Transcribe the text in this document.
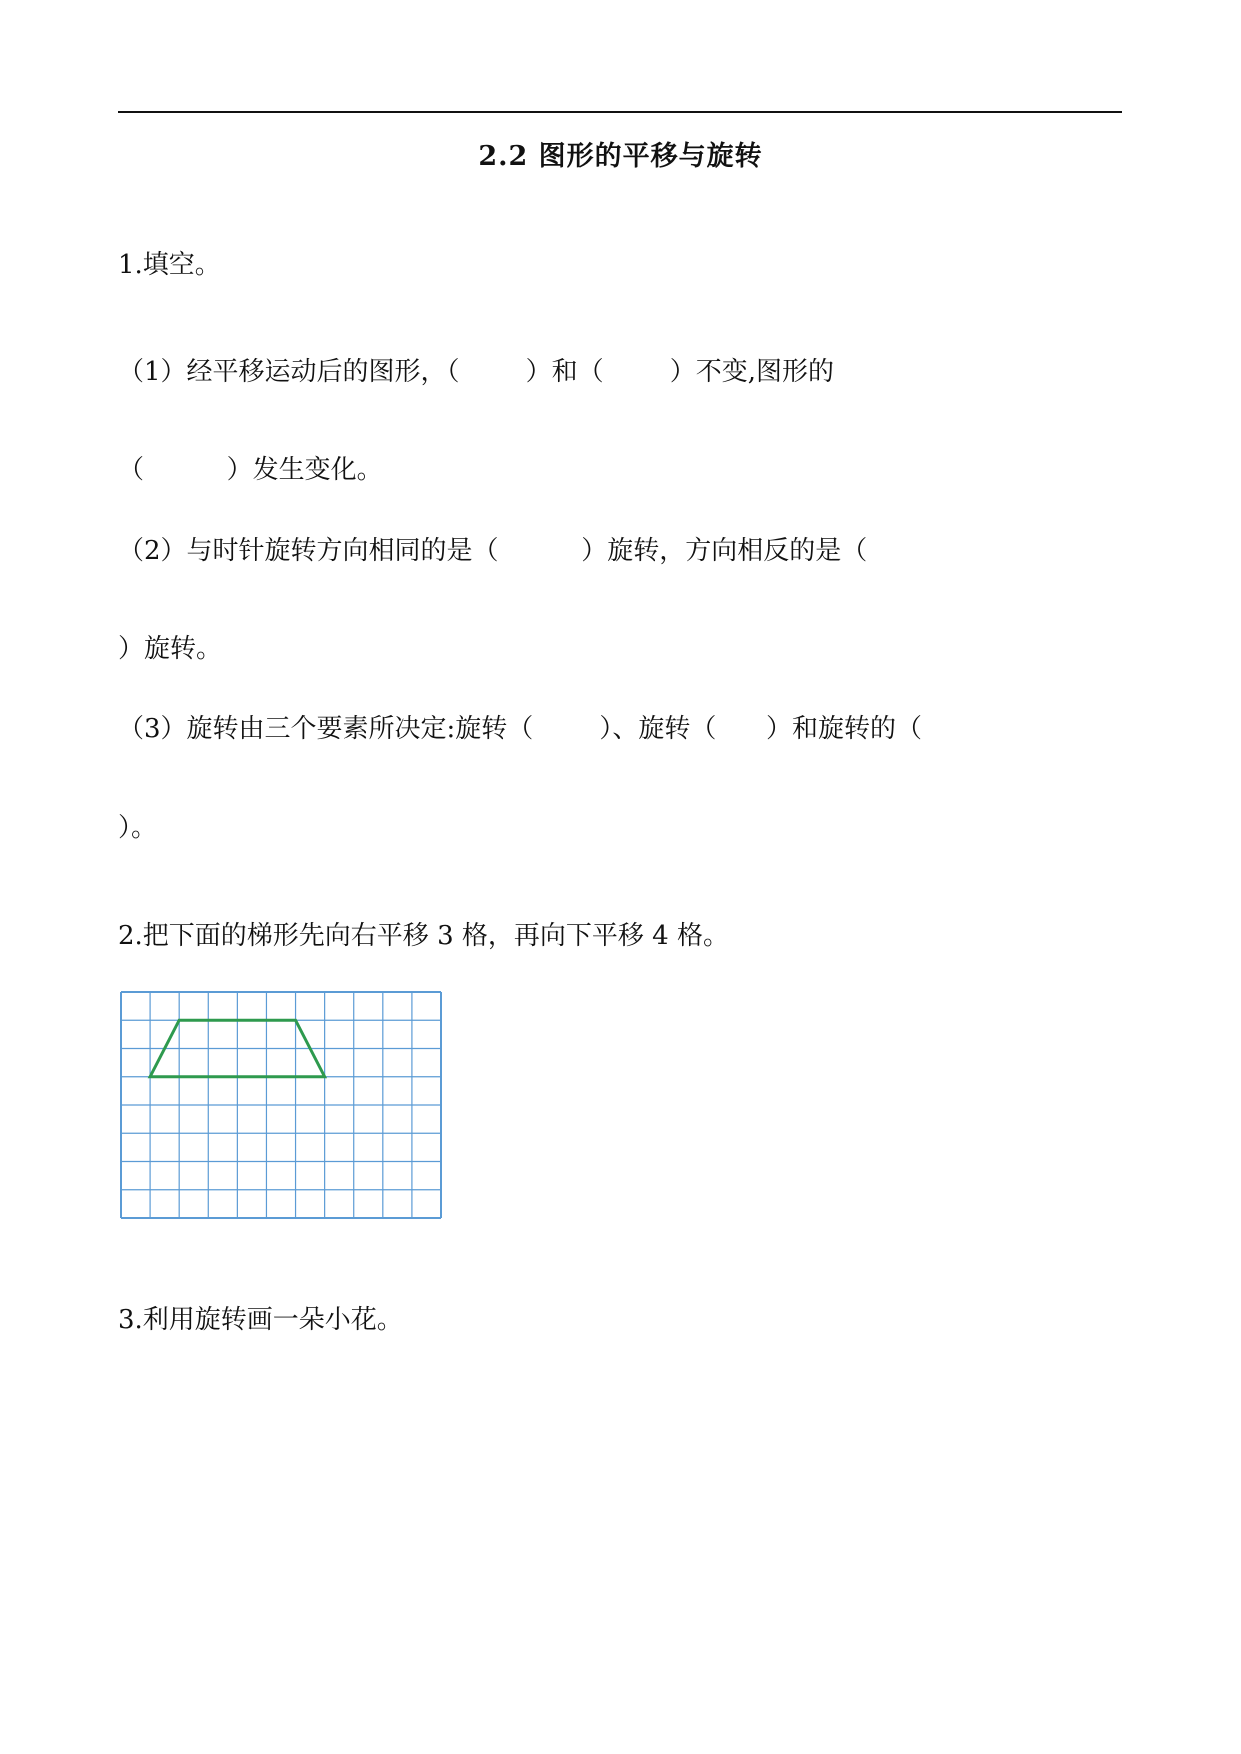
2.2 图形的平移与旋转
1.填空。
（1）经平移运动后的图形，（        ）和（        ）不变,图形的
（          ）发生变化。
（2）与时针旋转方向相同的是（          ）旋转，方向相反的是（
）旋转。
（3）旋转由三个要素所决定:旋转（        ）、旋转（      ）和旋转的（
）。
2.把下面的梯形先向右平移 3 格，再向下平移 4 格。
3.利用旋转画一朵小花。
